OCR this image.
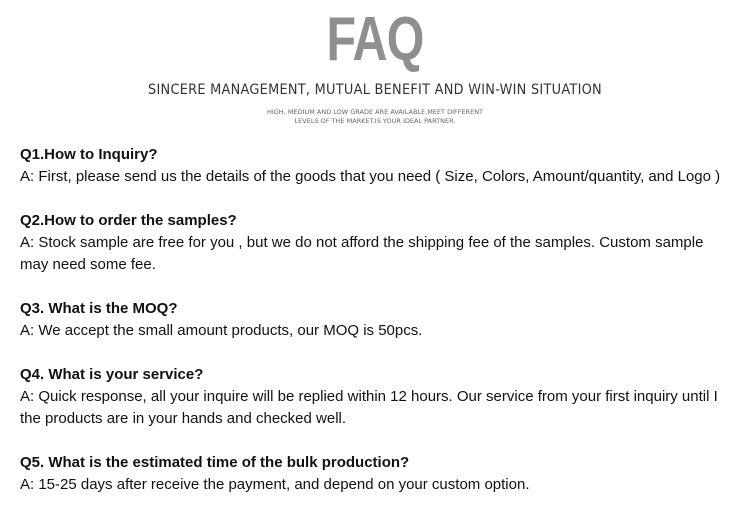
FAQ
SINCERE MANAGEMENT, MUTUAL BENEFIT AND WIN-WIN SITUATION
HIGH, MEDIUM AND LOW GRADE ARE AVAILABLE.MEET DIFFERENT
LEVELS OF THE MARKET.IS YOUR IDEAL PARTNER.
Q1.How to Inquiry?
A: First, please send us the details of the goods that you need ( Size, Colors, Amount/quantity, and Logo )
Q2.How to order the samples?
A: Stock sample are free for you , but we do not afford the shipping fee of the samples. Custom sample may need some fee.
Q3. What is the MOQ?
A: We accept the small amount products, our MOQ is 50pcs.
Q4. What is your service?
A: Quick response, all your inquire will be replied within 12 hours. Our service from your first inquiry until I the products are in your hands and checked well.
Q5. What is the estimated time of the bulk production?
A: 15-25 days after receive the payment, and depend on your custom option.
